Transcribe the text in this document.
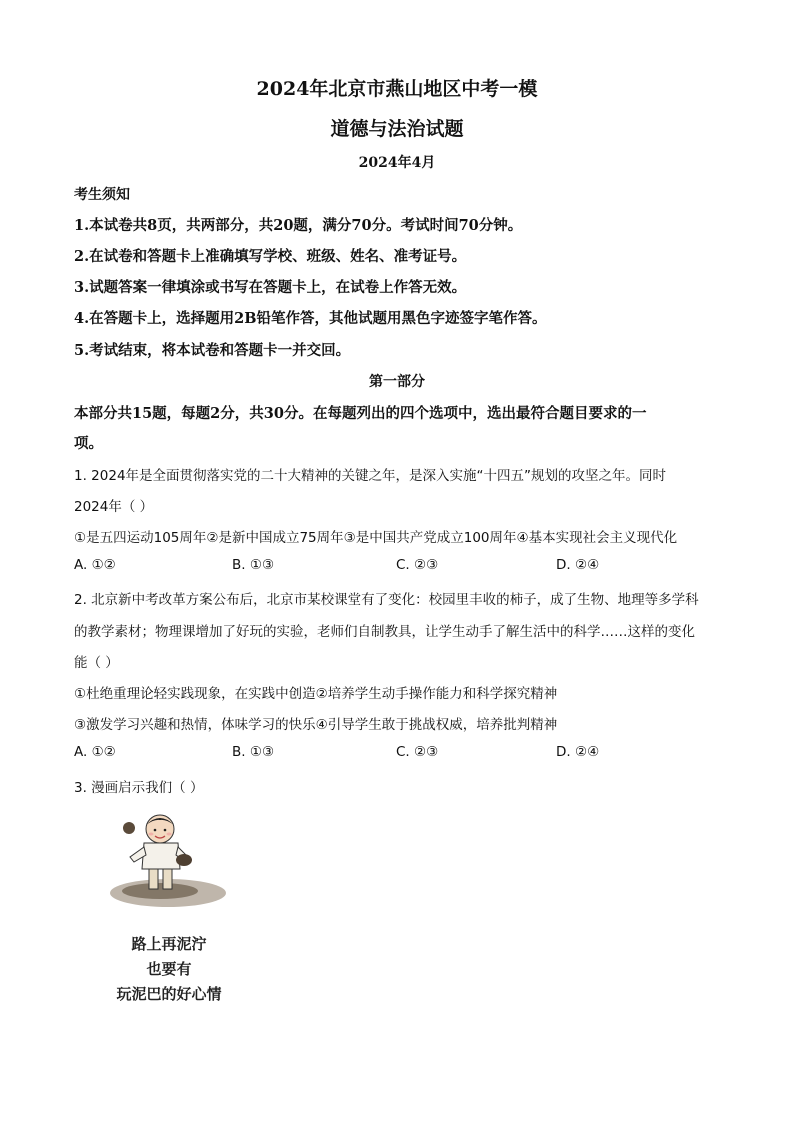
2024年北京市燕山地区中考一模
道德与法治试题
2024年4月
考生须知
1.本试卷共8页，共两部分，共20题，满分70分。考试时间70分钟。
2.在试卷和答题卡上准确填写学校、班级、姓名、准考证号。
3.试题答案一律填涂或书写在答题卡上，在试卷上作答无效。
4.在答题卡上，选择题用2B铅笔作答，其他试题用黑色字迹签字笔作答。
5.考试结束，将本试卷和答题卡一并交回。
第一部分
本部分共15题，每题2分，共30分。在每题列出的四个选项中，选出最符合题目要求的一
项。
1. 2024年是全面贯彻落实党的二十大精神的关键之年，是深入实施“十四五”规划的攻坚之年。同时
2024年（ ）
①是五四运动105周年②是新中国成立75周年③是中国共产党成立100周年④基本实现社会主义现代化
A. ①②	B. ①③	C. ②③	D. ②④
2. 北京新中考改革方案公布后，北京市某校课堂有了变化：校园里丰收的柿子，成了生物、地理等多学科
的教学素材；物理课增加了好玩的实验，老师们自制教具，让学生动手了解生活中的科学……这样的变化
能（ ）
①杜绝重理论轻实践现象，在实践中创造②培养学生动手操作能力和科学探究精神
③激发学习兴趣和热情，体味学习的快乐④引导学生敢于挑战权威，培养批判精神
A. ①②	B. ①③	C. ②③	D. ②④
3. 漫画启示我们（ ）
路上再泥泞
也要有
玩泥巴的好心情
